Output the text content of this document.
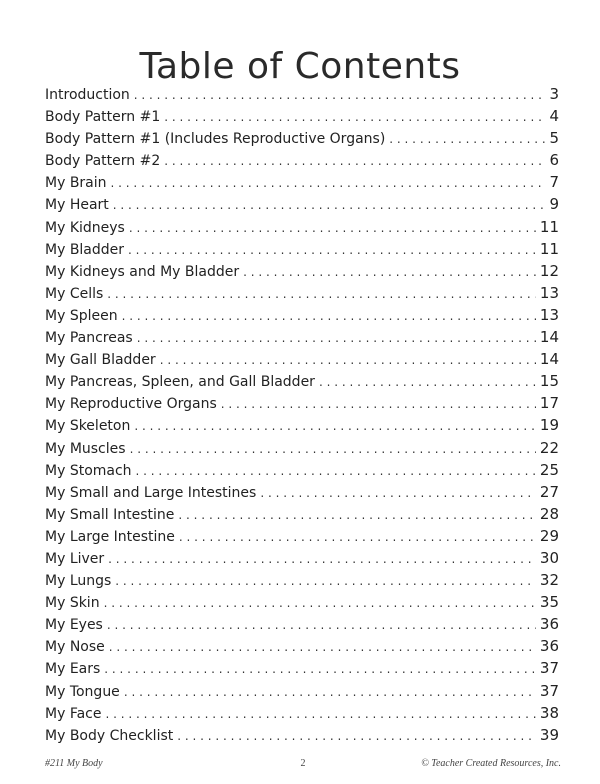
Table of Contents
Introduction . . .	3
Body Pattern #1 . . .	4
Body Pattern #1 (Includes Reproductive Organs) . . .	5
Body Pattern #2 . . .	6
My Brain . . .	7
My Heart . . .	9
My Kidneys . . .	11
My Bladder . . .	11
My Kidneys and My Bladder . . .	12
My Cells . . .	13
My Spleen . . .	13
My Pancreas . . .	14
My Gall Bladder . . .	14
My Pancreas, Spleen, and Gall Bladder . . .	15
My Reproductive Organs . . .	17
My Skeleton . . .	19
My Muscles . . .	22
My Stomach . . .	25
My Small and Large Intestines . . .	27
My Small Intestine . . .	28
My Large Intestine . . .	29
My Liver . . .	30
My Lungs . . .	32
My Skin . . .	35
My Eyes . . .	36
My Nose . . .	36
My Ears . . .	37
My Tongue . . .	37
My Face . . .	38
My Body Checklist . . .	39
#211 My Body	2	© Teacher Created Resources, Inc.
